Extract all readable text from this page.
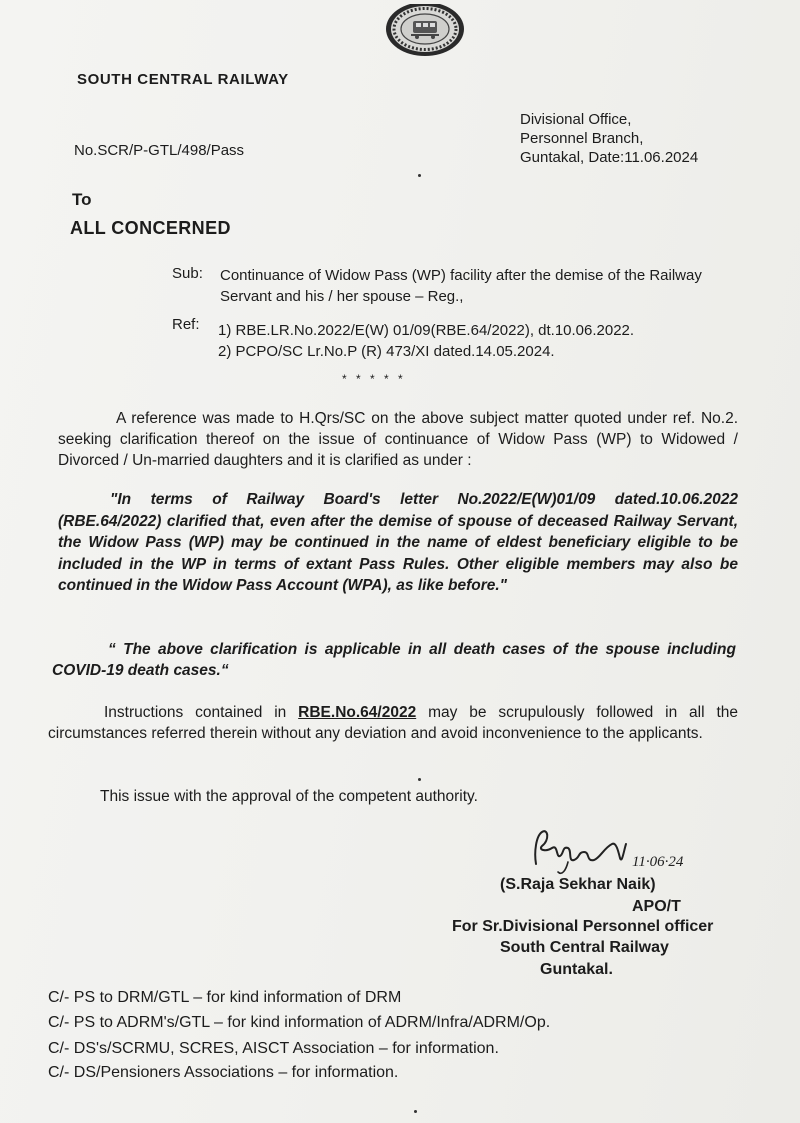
SOUTH CENTRAL RAILWAY
Divisional Office,
Personnel Branch,
Guntakal, Date:11.06.2024
No.SCR/P-GTL/498/Pass
To
ALL CONCERNED
Sub: Continuance of Widow Pass (WP) facility after the demise of the Railway Servant and his / her spouse – Reg.,
Ref: 1) RBE.LR.No.2022/E(W) 01/09(RBE.64/2022), dt.10.06.2022.
2) PCPO/SC Lr.No.P (R) 473/XI dated.14.05.2024.
* * * * *
A reference was made to H.Qrs/SC on the above subject matter quoted under ref. No.2. seeking clarification thereof on the issue of continuance of Widow Pass (WP) to Widowed / Divorced / Un-married daughters and it is clarified as under :
"In terms of Railway Board's letter No.2022/E(W)01/09 dated.10.06.2022 (RBE.64/2022) clarified that, even after the demise of spouse of deceased Railway Servant, the Widow Pass (WP) may be continued in the name of eldest beneficiary eligible to be included in the WP in terms of extant Pass Rules. Other eligible members may also be continued in the Widow Pass Account (WPA), as like before."
“ The above clarification is applicable in all death cases of the spouse including COVID-19 death cases.“
Instructions contained in RBE.No.64/2022 may be scrupulously followed in all the circumstances referred therein without any deviation and avoid inconvenience to the applicants.
This issue with the approval of the competent authority.
11·06·24
(S.Raja Sekhar Naik)
APO/T
For Sr.Divisional Personnel officer
South Central Railway
Guntakal.
C/- PS to DRM/GTL – for kind information of DRM
C/- PS to ADRM's/GTL – for kind information of ADRM/Infra/ADRM/Op.
C/- DS's/SCRMU, SCRES, AISCT Association – for information.
C/- DS/Pensioners Associations – for information.
